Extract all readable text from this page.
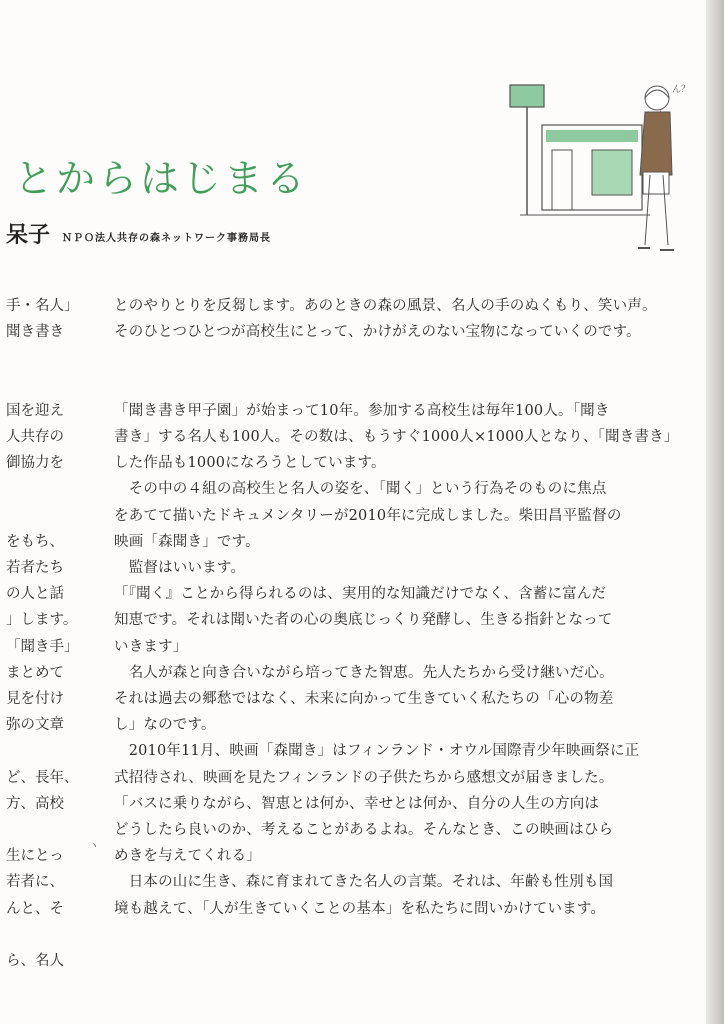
とからはじまる
呆子 ＮＰＯ法人共存の森ネットワーク事務局長
ん？
手・名人」
聞き書き
国を迎え
人共存の
御協力を
をもち、
若者たち
の人と話
」します。
「聞き手」
まとめて
見を付け
弥の文章
ど、長年、
方、高校
生にとっ
若者に、
んと、そ
ら、名人
とのやりとりを反芻します。あのときの森の風景、名人の手のぬくもり、笑い声。
そのひとつひとつが高校生にとって、かけがえのない宝物になっていくのです。
「聞き書き甲子園」が始まって10年。参加する高校生は毎年100人。「聞き
書き」する名人も100人。その数は、もうすぐ1000人×1000人となり、「聞き書き」
した作品も1000になろうとしています。
　その中の４組の高校生と名人の姿を、「聞く」という行為そのものに焦点
をあてて描いたドキュメンタリーが2010年に完成しました。柴田昌平監督の
映画「森聞き」です。
　監督はいいます。
「『聞く』ことから得られるのは、実用的な知識だけでなく、含蓄に富んだ
知恵です。それは聞いた者の心の奥底じっくり発酵し、生きる指針となって
いきます」
　名人が森と向き合いながら培ってきた智恵。先人たちから受け継いだ心。
それは過去の郷愁ではなく、未来に向かって生きていく私たちの「心の物差
し」なのです。
　2010年11月、映画「森聞き」はフィンランド・オウル国際青少年映画祭に正
式招待され、映画を見たフィンランドの子供たちから感想文が届きました。
「バスに乗りながら、智恵とは何か、幸せとは何か、自分の人生の方向は
どうしたら良いのか、考えることがあるよね。そんなとき、この映画はひら
めきを与えてくれる」
　日本の山に生き、森に育まれてきた名人の言葉。それは、年齢も性別も国
境も越えて、「人が生きていくことの基本」を私たちに問いかけています。
ヽ
